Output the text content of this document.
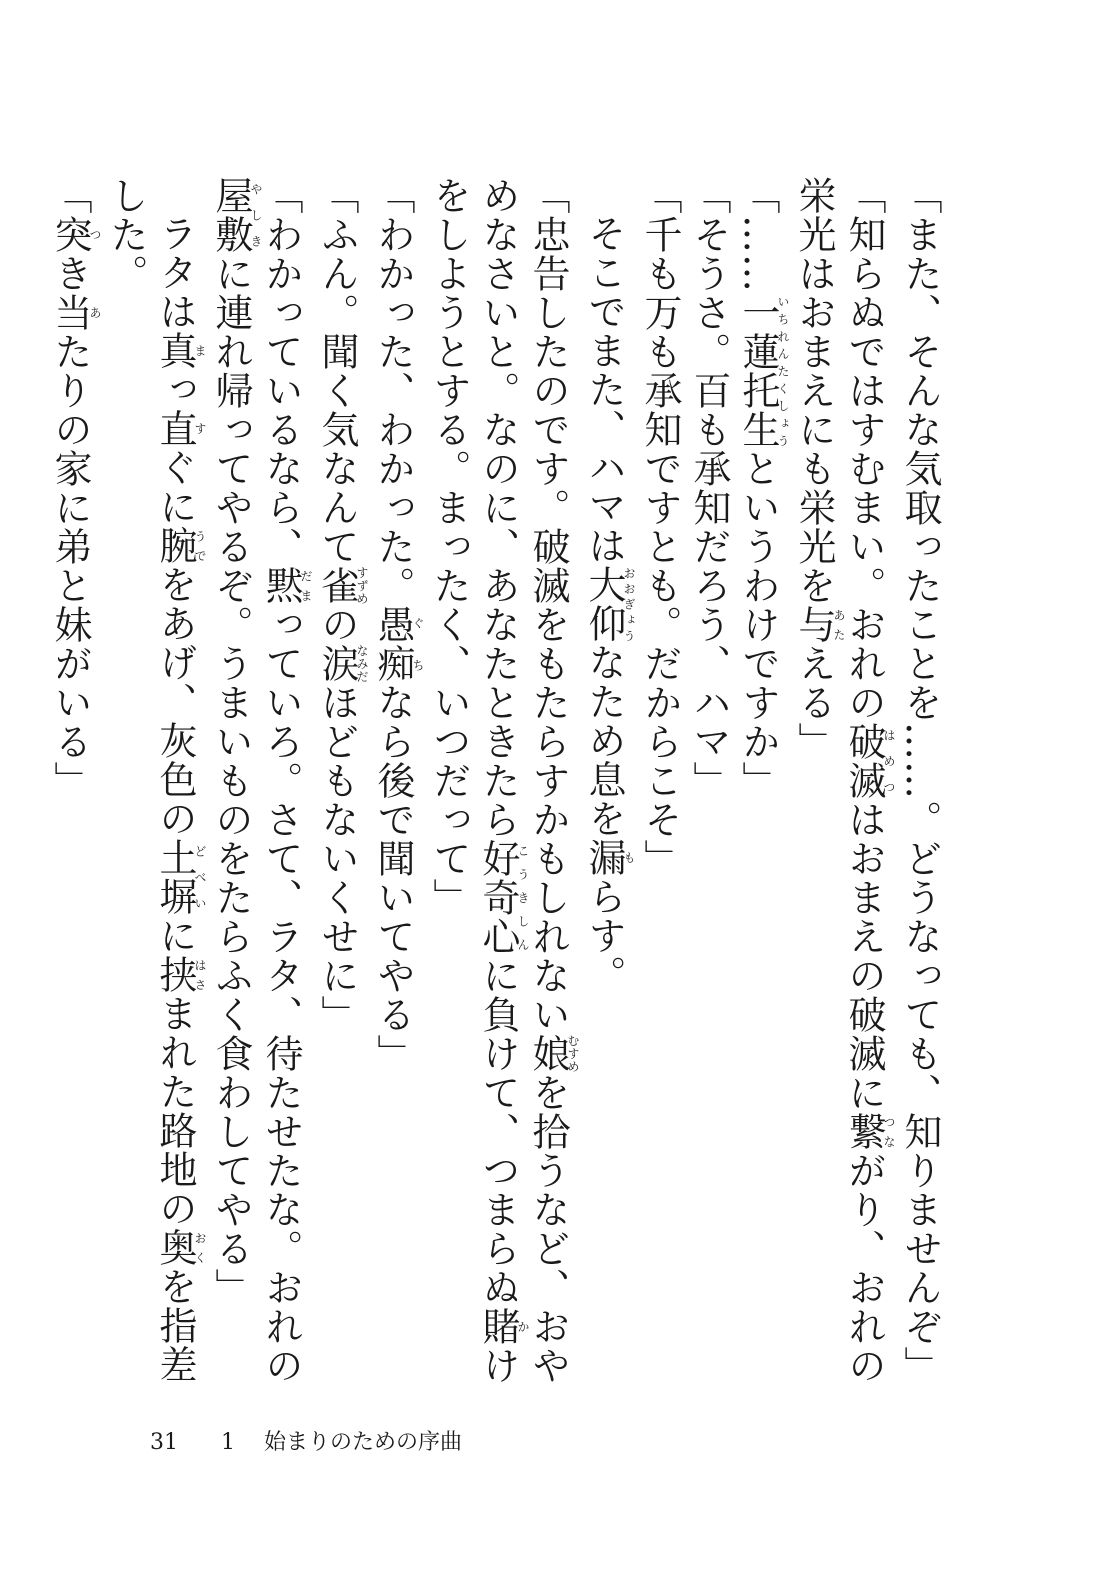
「また、そんな気取ったことを……。どうなっても、知りませんぞ」

「知らぬではすむまい。おれの破滅はめつはおまえの破滅に繋つながり、おれの栄光はおまえにも栄光を与あたえる」

「……一蓮托生いちれんたくしょうというわけですか」

「そうさ。百も承知だろう、ハマ」

「千も万も承知ですとも。だからこそ」

そこでまた、ハマは大仰おおぎょうなため息を漏もらす。

「忠告したのです。破滅をもたらすかもしれない娘むすめを拾うなど、おやめなさいと。なのに、あなたときたら好奇心こうきしんに負けて、つまらぬ賭かけをしようとする。まったく、いつだって」

「わかった、わかった。愚痴ぐちなら後で聞いてやる」

「ふん。聞く気なんて雀すずめの涙なみだほどもないくせに」

「わかっているなら、黙だまっていろ。さて、ラタ、待たせたな。おれの屋敷やしきに連れ帰ってやるぞ。うまいものをたらふく食わしてやる」

ラタは真まっ直すぐに腕うでをあげ、灰色の土塀どべいに挟はさまれた路地の奥おくを指差した。

「突つき当あたりの家に弟と妹がいる」

31 1 始まりのための序曲
